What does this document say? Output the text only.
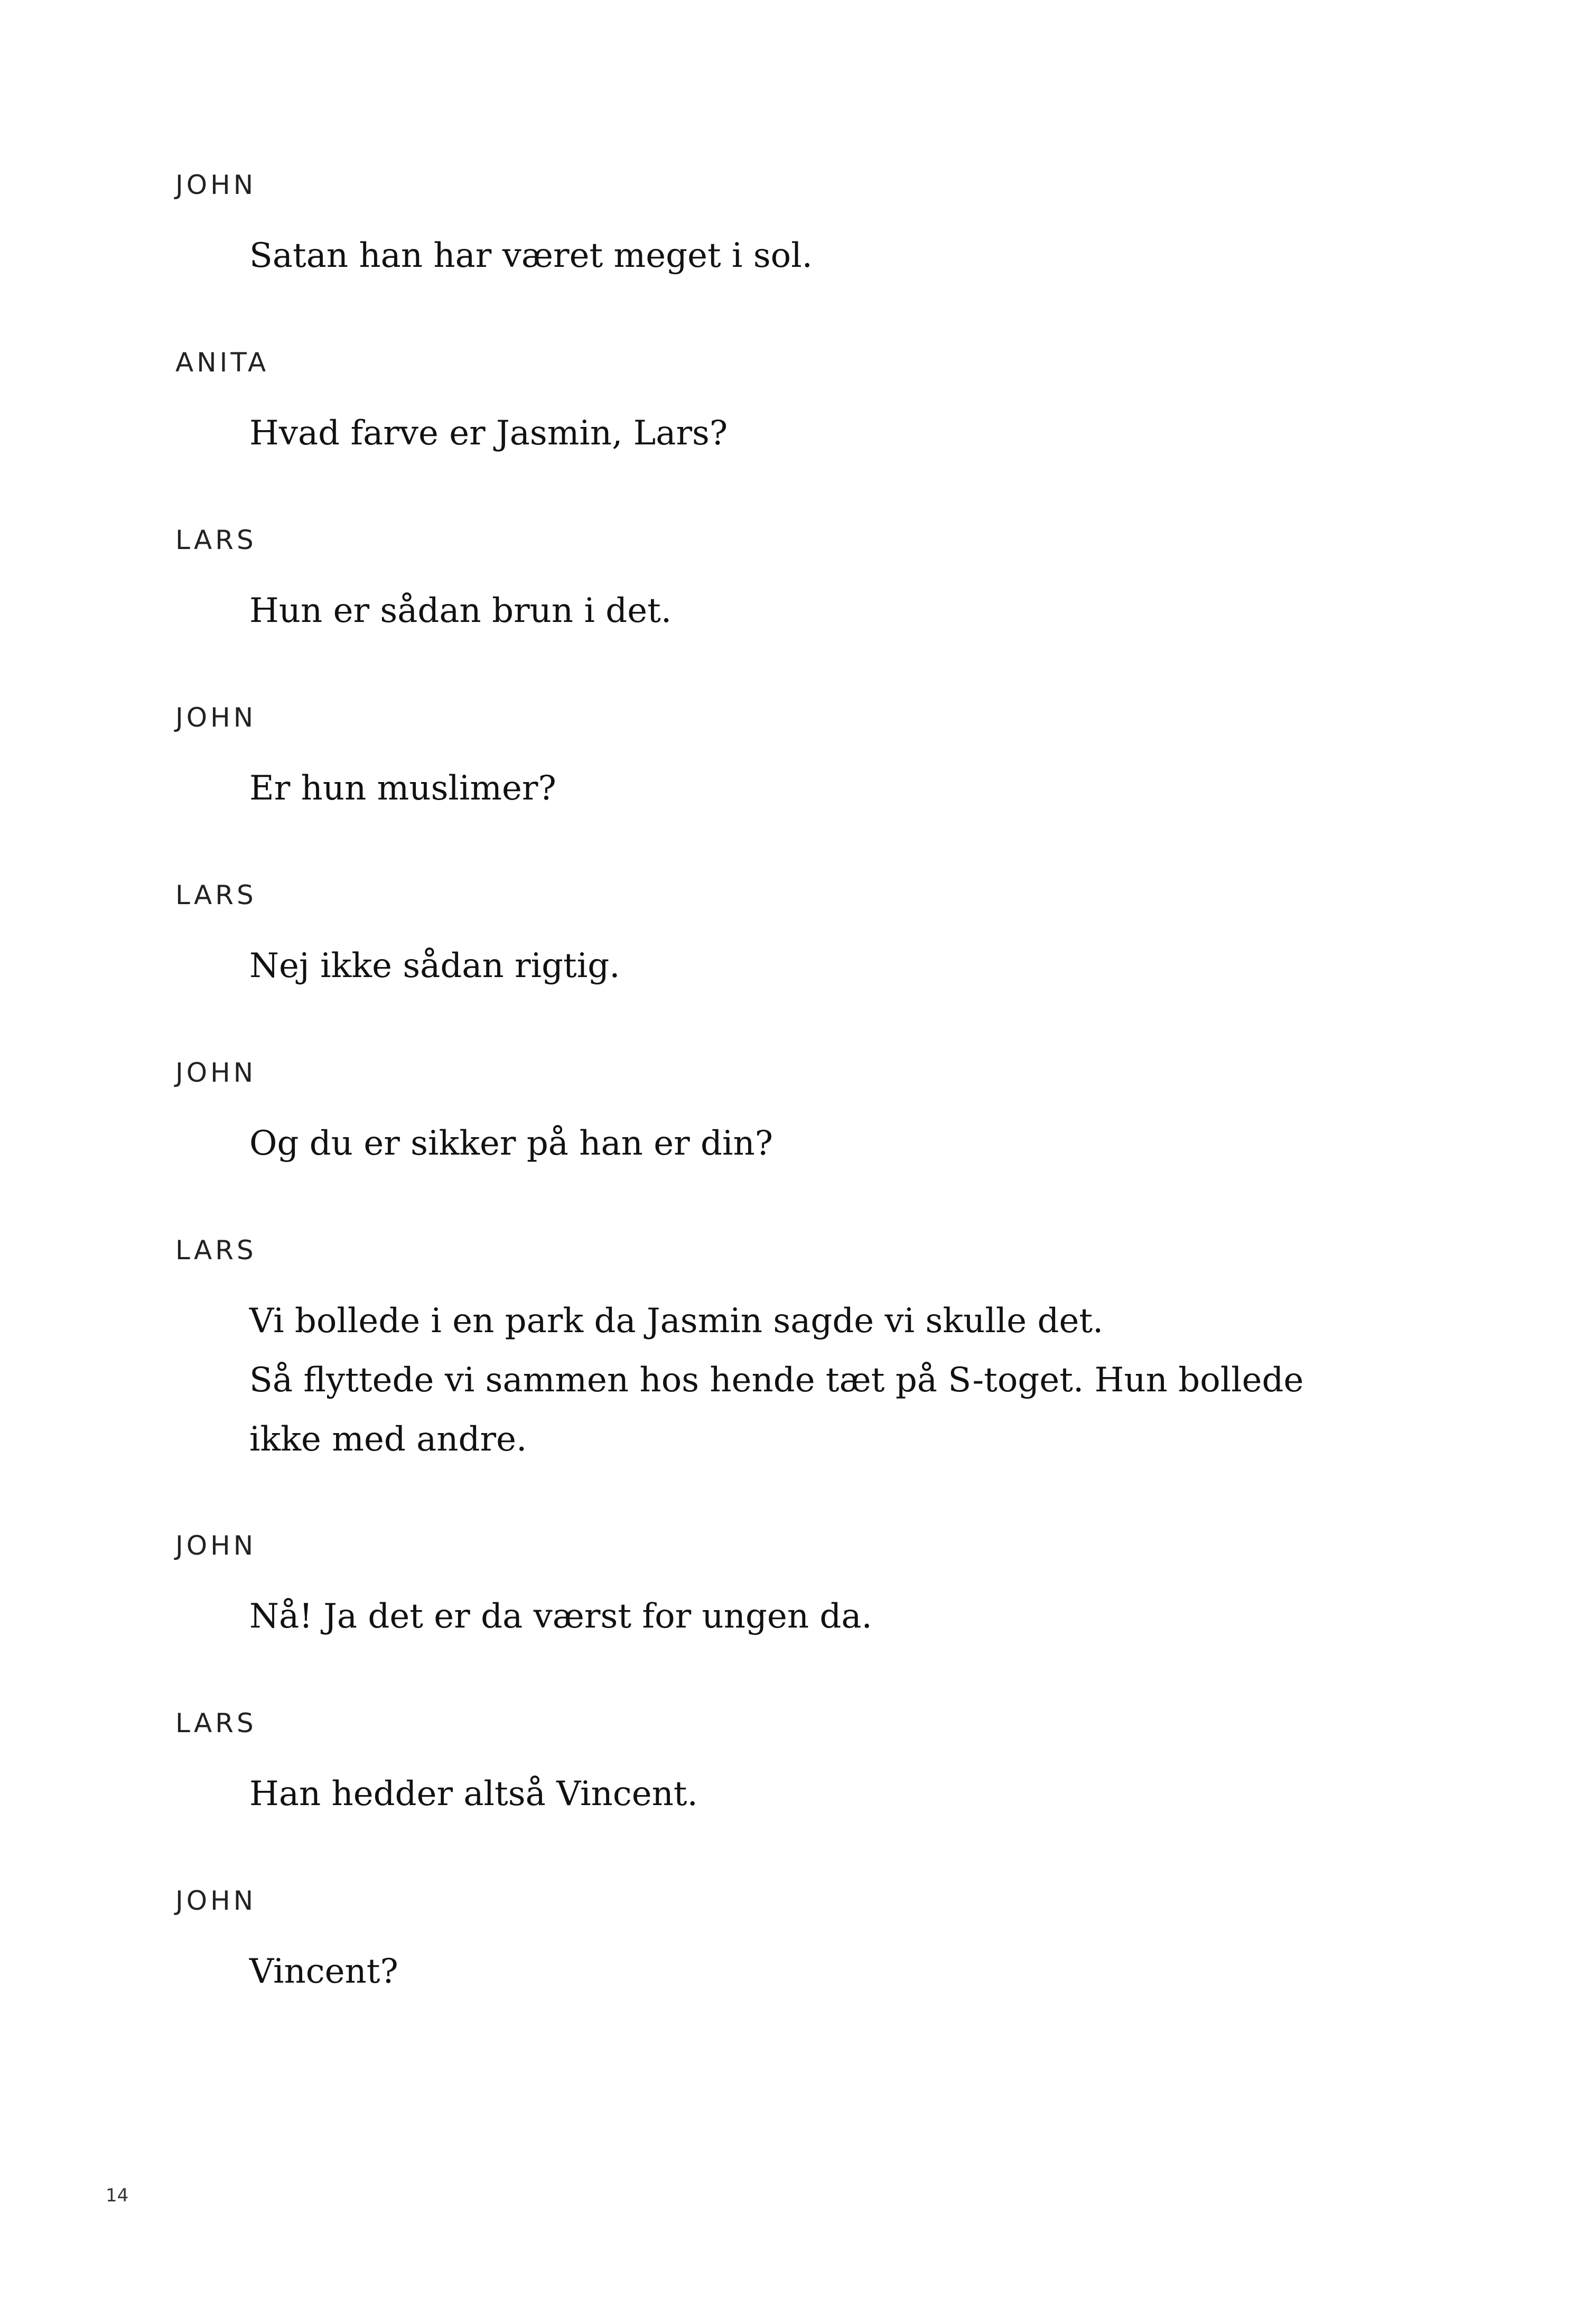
JOHN
Satan han har været meget i sol.
ANITA
Hvad farve er Jasmin, Lars?
LARS
Hun er sådan brun i det.
JOHN
Er hun muslimer?
LARS
Nej ikke sådan rigtig.
JOHN
Og du er sikker på han er din?
LARS
Vi bollede i en park da Jasmin sagde vi skulle det.
Så flyttede vi sammen hos hende tæt på S-toget. Hun bollede
ikke med andre.
JOHN
Nå! Ja det er da værst for ungen da.
LARS
Han hedder altså Vincent.
JOHN
Vincent?
14
